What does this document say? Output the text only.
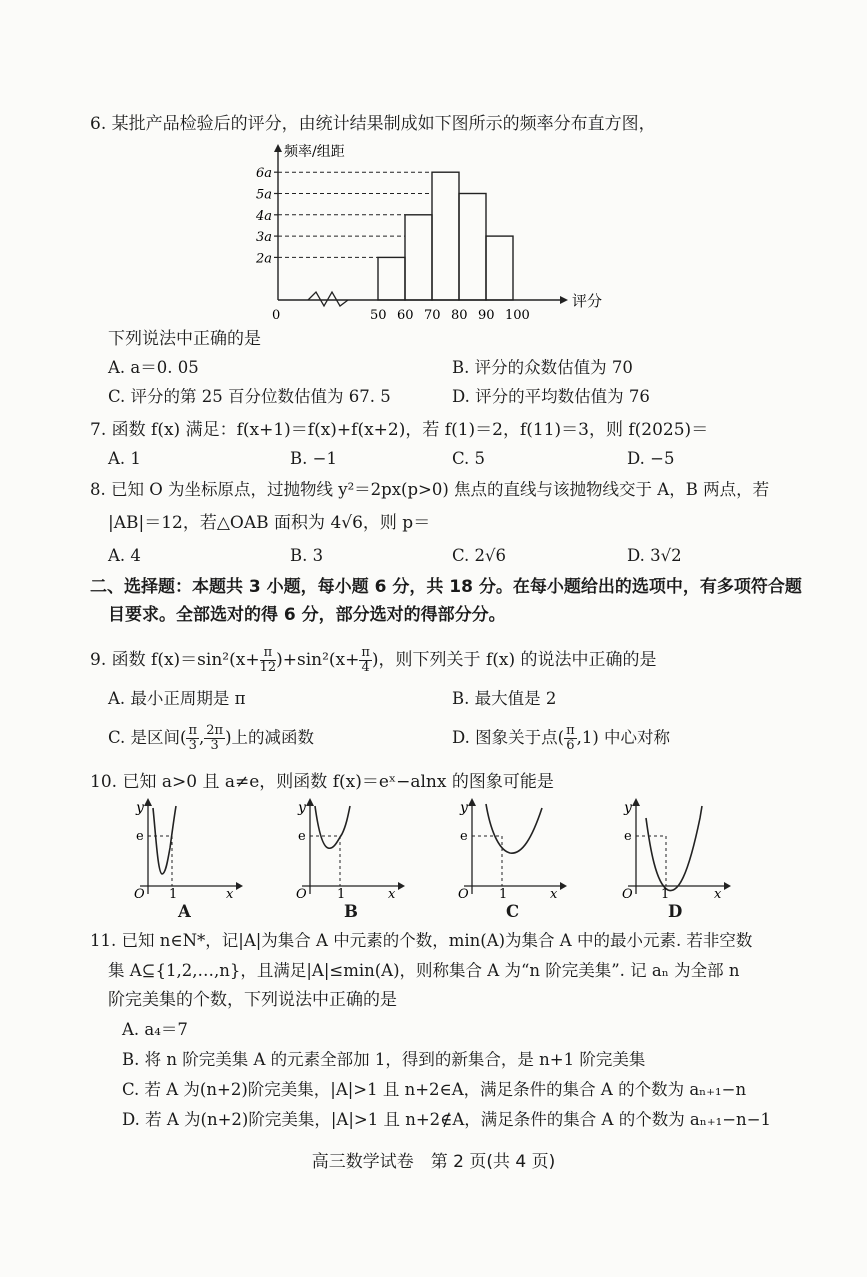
6. 某批产品检验后的评分，由统计结果制成如下图所示的频率分布直方图，
频率/组距
评分
0	50 60 70 80 90 100
2a
3a
4a
5a
6a
下列说法中正确的是
A. a＝0. 05	B. 评分的众数估值为 70
C. 评分的第 25 百分位数估值为 67. 5	D. 评分的平均数估值为 76
7. 函数 f(x) 满足：f(x+1)＝f(x)+f(x+2)，若 f(1)＝2，f(11)＝3，则 f(2025)＝
A. 1	B. −1	C. 5	D. −5
8. 已知 O 为坐标原点，过抛物线 y²＝2px(p>0) 焦点的直线与该抛物线交于 A，B 两点，若
|AB|＝12，若△OAB 面积为 4√6，则 p＝
A. 4	B. 3	C. 2√6	D. 3√2
二、选择题：本题共 3 小题，每小题 6 分，共 18 分。在每小题给出的选项中，有多项符合题
目要求。全部选对的得 6 分，部分选对的得部分分。
9. 函数 $f(x)=\sin^2(x+ \frac{\pi}{12} )+\sin^2(x+ \frac{\pi}{4}$ )，则下列关于 f(x) 的说法中正确的是
A. 最小正周期是 π	B. 最大值是 2
C. 是区间( $\frac{\pi}{3}$ , $\frac{2\pi}{3}$ )上的减函数	D. 图象关于点( $\frac{\pi}{6} ,1$) 中心对称
10. 已知 a>0 且 a≠e，则函数 f(x)＝eˣ−alnx 的图象可能是
y
e
O 1	x
A
y
e
O 1	x
B
y
e
O 1	x
C
y
e
O 1	x
D
11. 已知 n∈N*，记|A|为集合 A 中元素的个数，min(A)为集合 A 中的最小元素. 若非空数
集 A⊆{1,2,…,n}，且满足|A|≤min(A)，则称集合 A 为“n 阶完美集”. 记 aₙ 为全部 n
阶完美集的个数，下列说法中正确的是
A. a₄＝7
B. 将 n 阶完美集 A 的元素全部加 1，得到的新集合，是 n+1 阶完美集
C. 若 A 为(n+2)阶完美集，|A|>1 且 n+2∈A，满足条件的集合 A 的个数为 aₙ₊₁−n
D. 若 A 为(n+2)阶完美集，|A|>1 且 n+2∉A，满足条件的集合 A 的个数为 aₙ₊₁−n−1
高三数学试卷　第 2 页(共 4 页)
